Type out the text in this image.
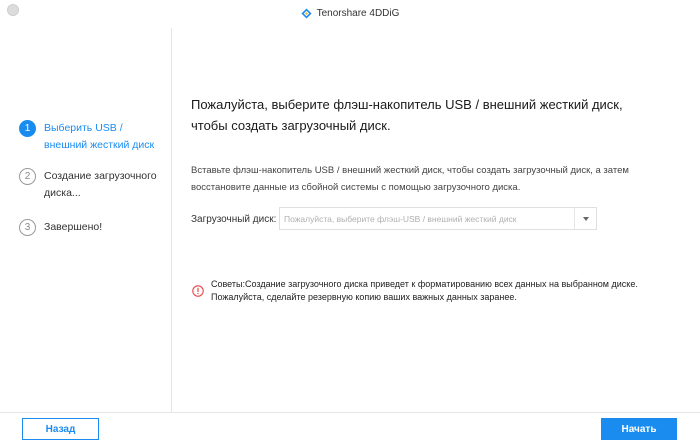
Tenorshare 4DDiG
1	Выберить USB / внешний жесткий диск
2	Создание загрузочного диска...
3	Завершено!
Пожалуйста, выберите флэш-накопитель USB / внешний жесткий диск, чтобы создать загрузочный диск.
Вставьте флэш-накопитель USB / внешний жесткий диск, чтобы создать загрузочный диск, а затем восстановите данные из сбойной системы с помощью загрузочного диска.
Загрузочный диск: Пожалуйста, выберите флэш-USB / внешний жесткий диск
Советы:Создание загрузочного диска приведет к форматированию всех данных на выбранном диске.
Пожалуйста, сделайте резервную копию ваших важных данных заранее.
Назад	Начать
